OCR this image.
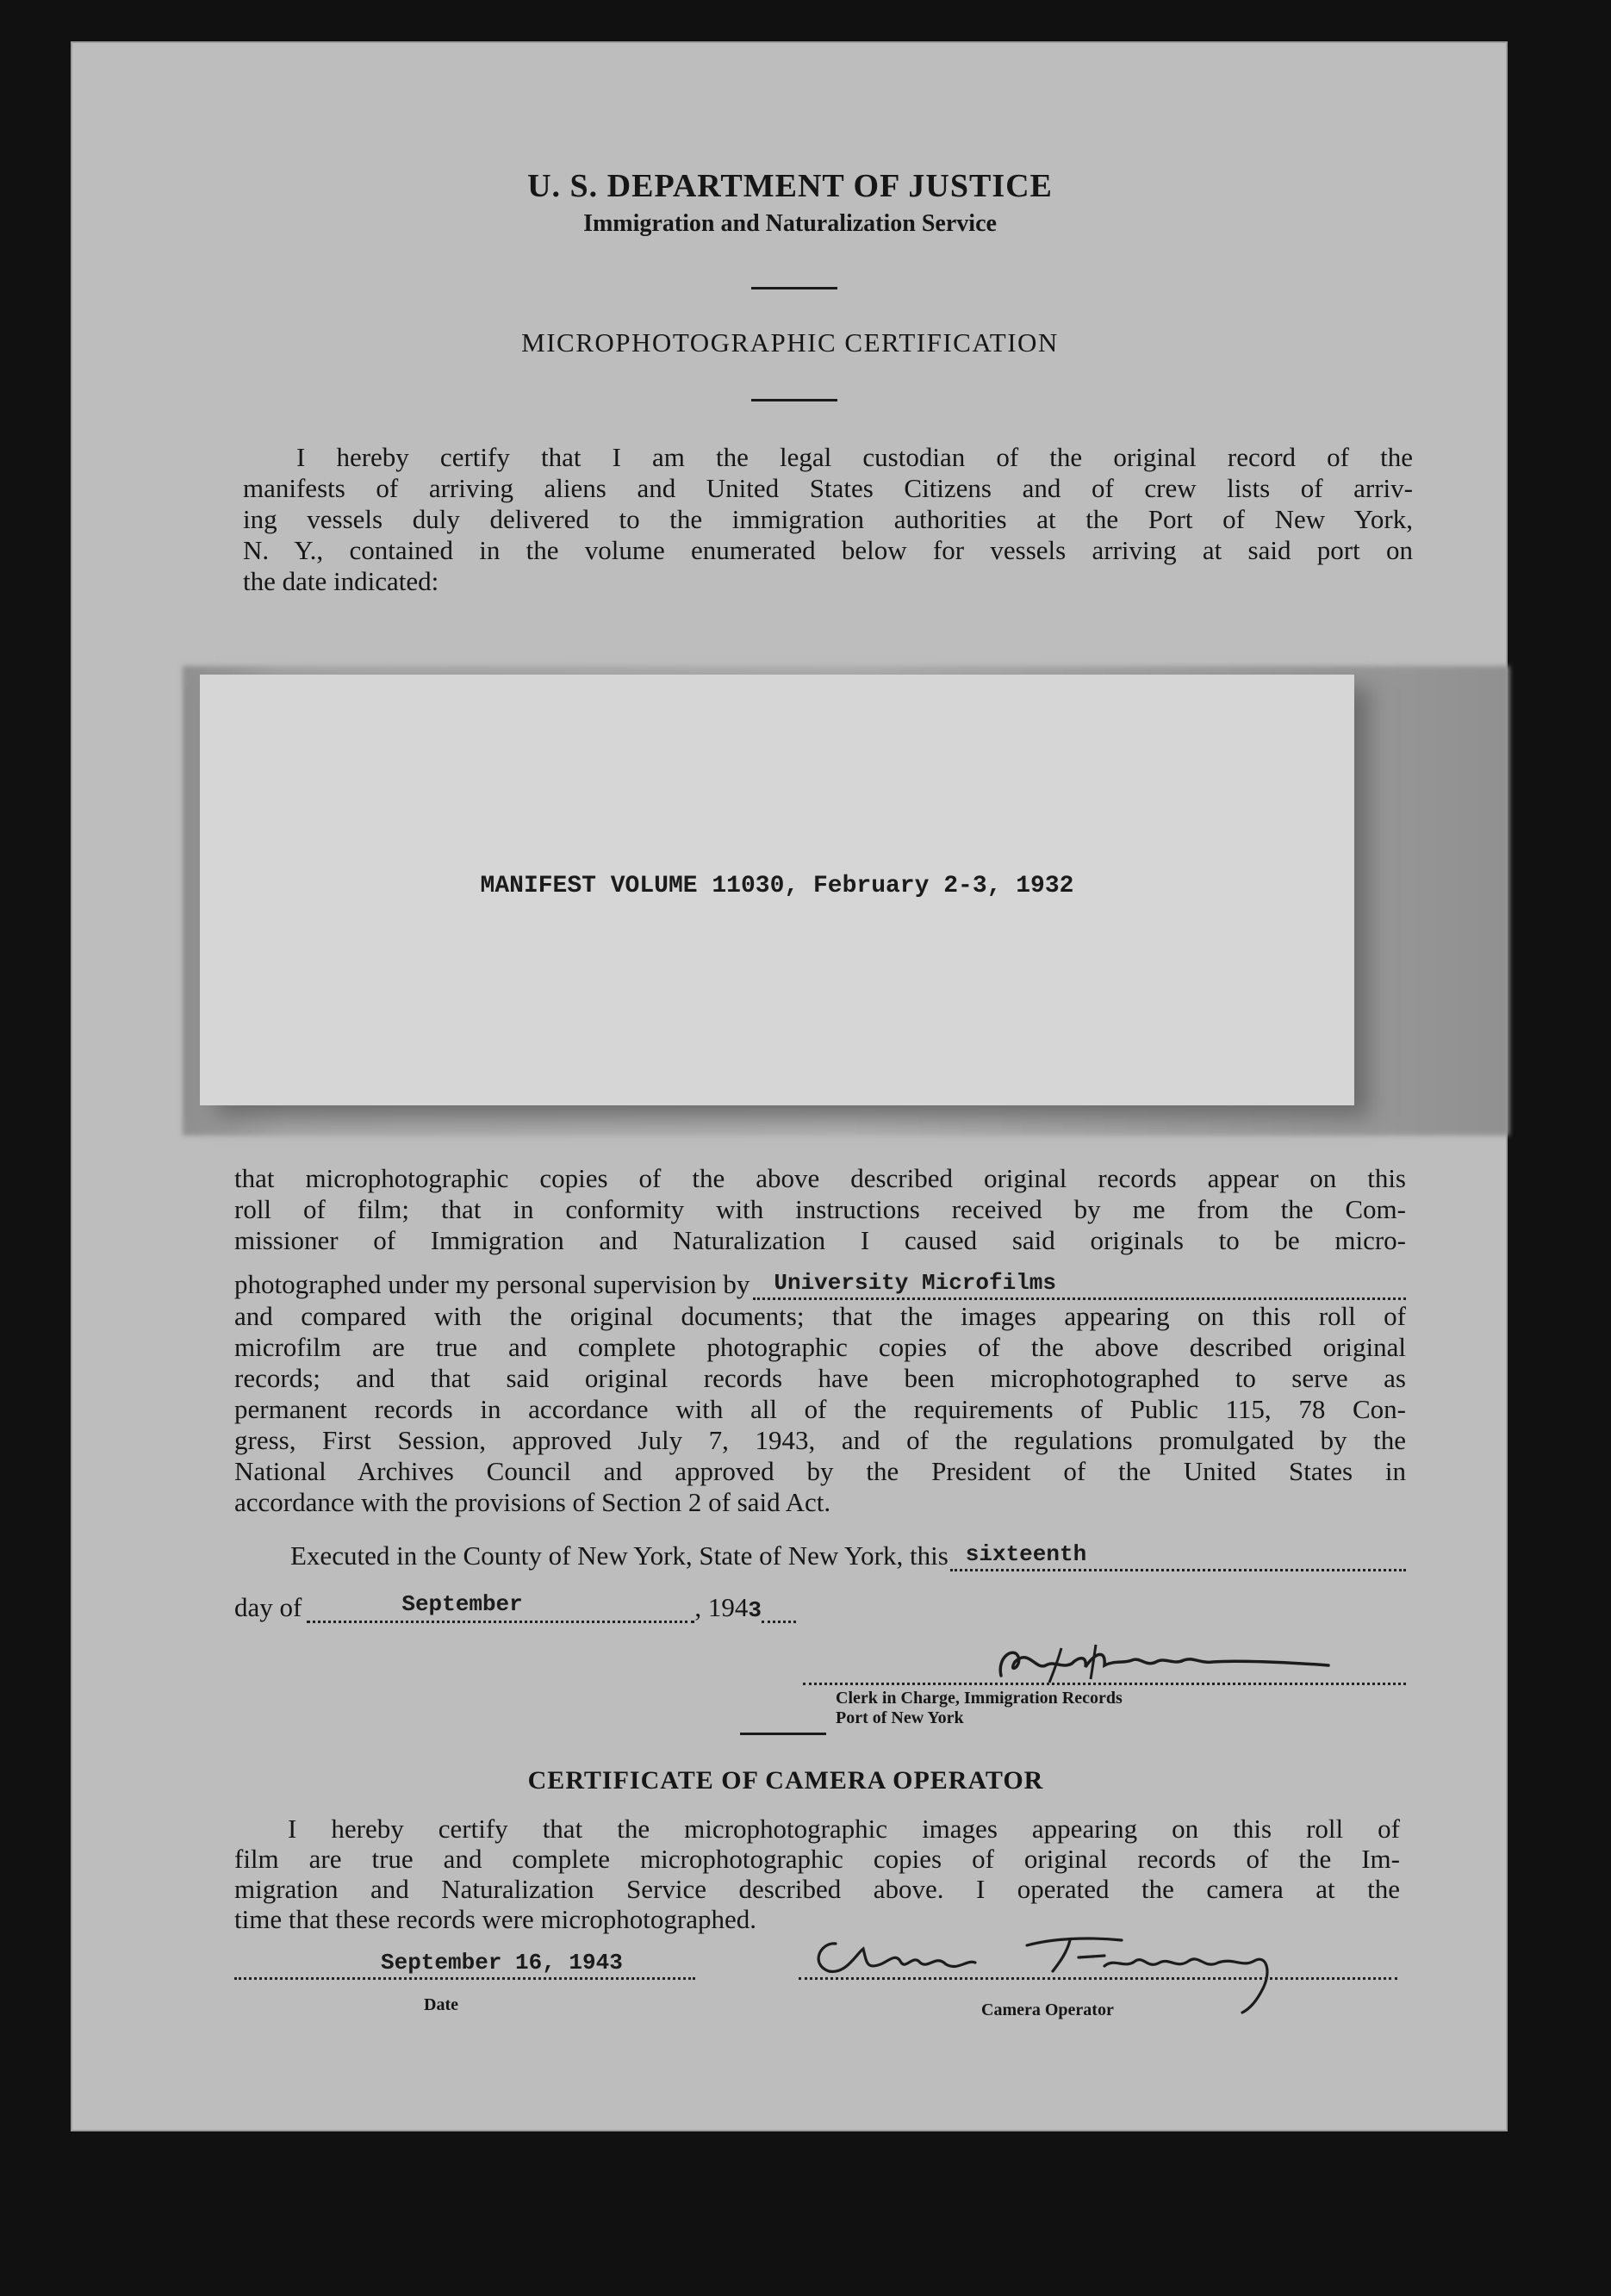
U. S. DEPARTMENT OF JUSTICE
Immigration and Naturalization Service
MICROPHOTOGRAPHIC CERTIFICATION
I hereby certify that I am the legal custodian of the original record of the
manifests of arriving aliens and United States Citizens and of crew lists of arriv-
ing vessels duly delivered to the immigration authorities at the Port of New York,
N. Y., contained in the volume enumerated below for vessels arriving at said port on
the date indicated:
MANIFEST VOLUME 11030, February 2-3, 1932
that microphotographic copies of the above described original records appear on this
roll of film; that in conformity with instructions received by me from the Com-
missioner of Immigration and Naturalization I caused said originals to be micro-
photographed under my personal supervision by University Microfilms
and compared with the original documents; that the images appearing on this roll of
microfilm are true and complete photographic copies of the above described original
records; and that said original records have been microphotographed to serve as
permanent records in accordance with all of the requirements of Public 115, 78 Con-
gress, First Session, approved July 7, 1943, and of the regulations promulgated by the
National Archives Council and approved by the President of the United States in
accordance with the provisions of Section 2 of said Act.
Executed in the County of New York, State of New York, this sixteenth
day of	September	, 194 3
Clerk in Charge, Immigration Records
Port of New York
CERTIFICATE OF CAMERA OPERATOR
I hereby certify that the microphotographic images appearing on this roll of
film are true and complete microphotographic copies of original records of the Im-
migration and Naturalization Service described above. I operated the camera at the
time that these records were microphotographed.
September 16, 1943
Date	Camera Operator
